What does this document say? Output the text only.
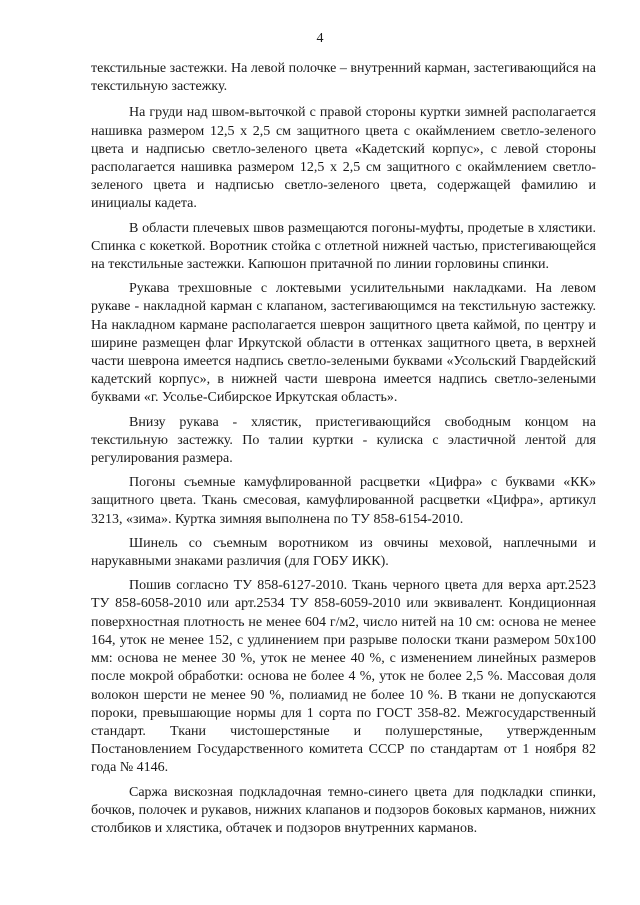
4

текстильные застежки. На левой полочке – внутренний карман, застегивающийся на текстильную застежку.

На груди над швом-выточкой с правой стороны куртки зимней располагается нашивка размером 12,5 х 2,5 см защитного цвета с окаймлением светло-зеленого цвета и надписью светло-зеленого цвета «Кадетский корпус», с левой стороны располагается нашивка размером 12,5 х 2,5 см защитного с окаймлением светло-зеленого цвета и надписью светло-зеленого цвета, содержащей фамилию и инициалы кадета.

В области плечевых швов размещаются погоны-муфты, продетые в хлястики. Спинка с кокеткой. Воротник стойка с отлетной нижней частью, пристегивающейся на текстильные застежки. Капюшон притачной по линии горловины спинки.

Рукава трехшовные с локтевыми усилительными накладками. На левом рукаве - накладной карман с клапаном, застегивающимся на текстильную застежку. На накладном кармане располагается шеврон защитного цвета каймой, по центру и ширине размещен флаг Иркутской области в оттенках защитного цвета, в верхней части шеврона имеется надпись светло-зелеными буквами «Усольский Гвардейский кадетский корпус», в нижней части шеврона имеется надпись светло-зелеными буквами «г. Усолье-Сибирское Иркутская область».

Внизу рукава - хлястик, пристегивающийся свободным концом на текстильную застежку. По талии куртки - кулиска с эластичной лентой для регулирования размера.

Погоны съемные камуфлированной расцветки «Цифра» с буквами «КК» защитного цвета. Ткань смесовая, камуфлированной расцветки «Цифра», артикул 3213, «зима». Куртка зимняя выполнена по ТУ 858-6154-2010.

Шинель со съемным воротником из овчины меховой, наплечными и нарукавными знаками различия (для ГОБУ ИКК).

Пошив согласно ТУ 858-6127-2010. Ткань черного цвета для верха арт.2523 ТУ 858-6058-2010 или арт.2534 ТУ 858-6059-2010 или эквивалент. Кондиционная поверхностная плотность не менее 604 г/м2, число нитей на 10 см: основа не менее 164, уток не менее 152, с удлинением при разрыве полоски ткани размером 50х100 мм: основа не менее 30 %, уток не менее 40 %, с изменением линейных размеров после мокрой обработки: основа не более 4 %, уток не более 2,5 %. Массовая доля волокон шерсти не менее 90 %, полиамид не более 10 %. В ткани не допускаются пороки, превышающие нормы для 1 сорта по ГОСТ 358-82. Межгосударственный стандарт. Ткани чистошерстяные и полушерстяные, утвержденным Постановлением Государственного комитета СССР по стандартам от 1 ноября 82 года № 4146.

Саржа вискозная подкладочная темно-синего цвета для подкладки спинки, бочков, полочек и рукавов, нижних клапанов и подзоров боковых карманов, нижних столбиков и хлястика, обтачек и подзоров внутренних карманов.
